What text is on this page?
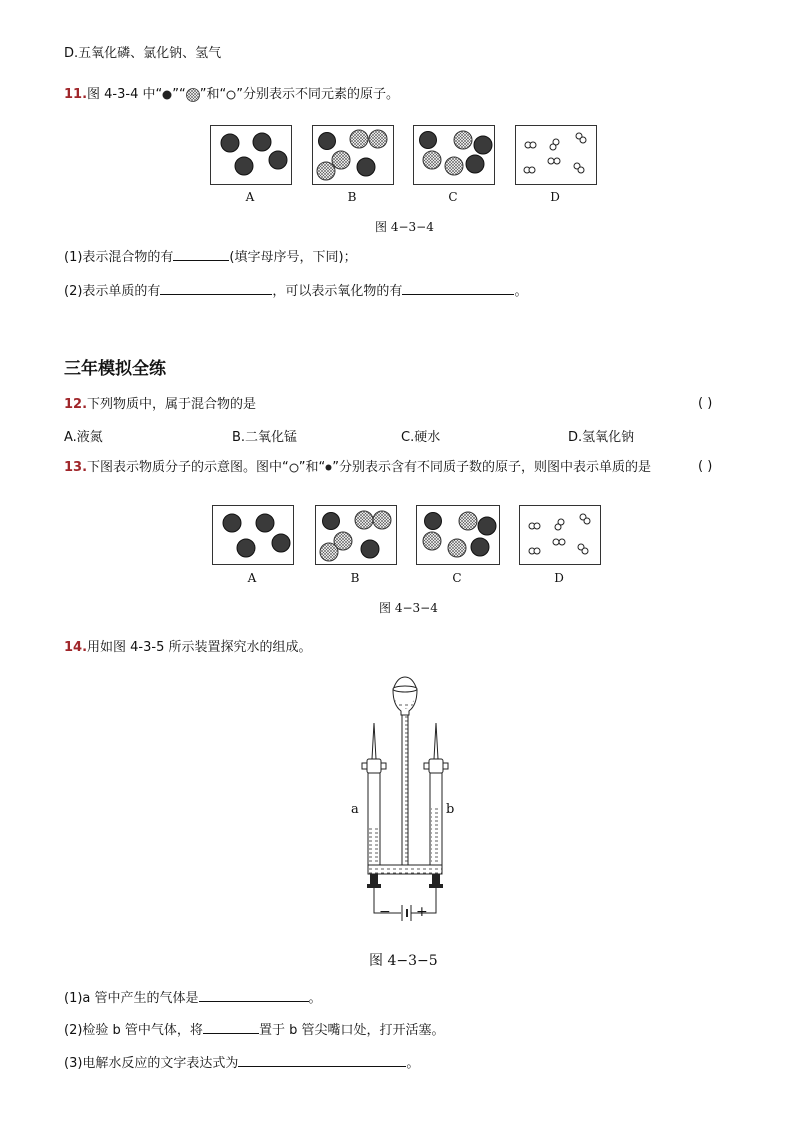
D.五氧化磷、氯化钠、氢气
11.图 4-3-4 中“ ”“ ”和“ ”分别表示不同元素的原子。
A	B	C	D
图 4−3−4
(1)表示混合物的有	(填字母序号，下同)；
(2)表示单质的有	，可以表示氧化物的有	。
三年模拟全练
12.下列物质中，属于混合物的是	( )
A.液氮	B.二氧化锰	C.硬水	D.氢氧化钠
13.下图表示物质分子的示意图。图中“ ”和“ ”分别表示含有不同质子数的原子，则图中表示单质的是	( )
A	B	C	D
图 4−3−4
14.用如图 4-3-5 所示装置探究水的组成。
a	b
− +
图 4−3−5
(1)a 管中产生的气体是	。
(2)检验 b 管中气体，将	置于 b 管尖嘴口处，打开活塞。
(3)电解水反应的文字表达式为	。
